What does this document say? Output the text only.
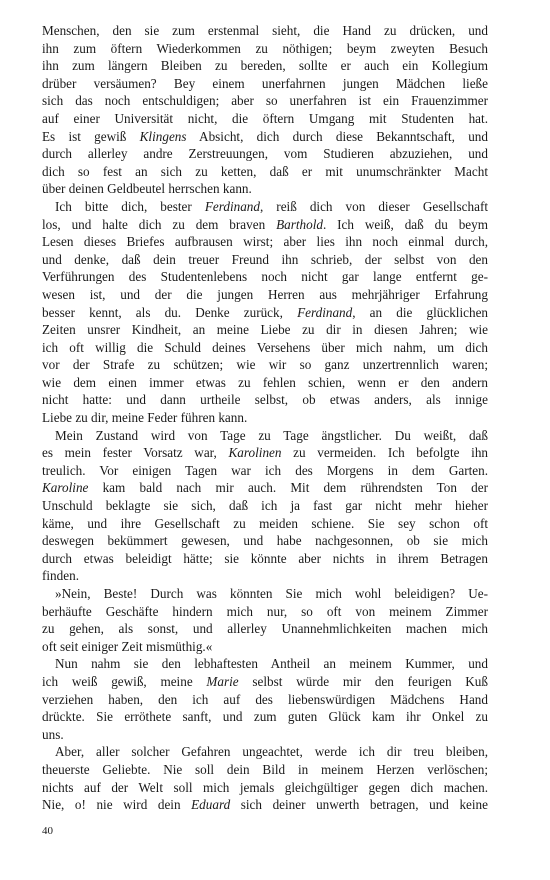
Menschen, den sie zum erstenmal sieht, die Hand zu drücken, und
ihn zum öftern Wiederkommen zu nöthigen; beym zweyten Besuch
ihn zum längern Bleiben zu bereden, sollte er auch ein Kollegium
drüber versäumen? Bey einem unerfahrnen jungen Mädchen ließe
sich das noch entschuldigen; aber so unerfahren ist ein Frauenzimmer
auf einer Universität nicht, die öftern Umgang mit Studenten hat.
Es ist gewiß Klingens Absicht, dich durch diese Bekanntschaft, und
durch allerley andre Zerstreuungen, vom Studieren abzuziehen, und
dich so fest an sich zu ketten, daß er mit unumschränkter Macht
über deinen Geldbeutel herrschen kann.
Ich bitte dich, bester Ferdinand, reiß dich von dieser Gesellschaft
los, und halte dich zu dem braven Barthold. Ich weiß, daß du beym
Lesen dieses Briefes aufbrausen wirst; aber lies ihn noch einmal durch,
und denke, daß dein treuer Freund ihn schrieb, der selbst von den
Verführungen des Studentenlebens noch nicht gar lange entfernt ge-
wesen ist, und der die jungen Herren aus mehrjähriger Erfahrung
besser kennt, als du. Denke zurück, Ferdinand, an die glücklichen
Zeiten unsrer Kindheit, an meine Liebe zu dir in diesen Jahren; wie
ich oft willig die Schuld deines Versehens über mich nahm, um dich
vor der Strafe zu schützen; wie wir so ganz unzertrennlich waren;
wie dem einen immer etwas zu fehlen schien, wenn er den andern
nicht hatte: und dann urtheile selbst, ob etwas anders, als innige
Liebe zu dir, meine Feder führen kann.
Mein Zustand wird von Tage zu Tage ängstlicher. Du weißt, daß
es mein fester Vorsatz war, Karolinen zu vermeiden. Ich befolgte ihn
treulich. Vor einigen Tagen war ich des Morgens in dem Garten.
Karoline kam bald nach mir auch. Mit dem rührendsten Ton der
Unschuld beklagte sie sich, daß ich ja fast gar nicht mehr hieher
käme, und ihre Gesellschaft zu meiden schiene. Sie sey schon oft
deswegen bekümmert gewesen, und habe nachgesonnen, ob sie mich
durch etwas beleidigt hätte; sie könnte aber nichts in ihrem Betragen
finden.
»Nein, Beste! Durch was könnten Sie mich wohl beleidigen? Ue-
berhäufte Geschäfte hindern mich nur, so oft von meinem Zimmer
zu gehen, als sonst, und allerley Unannehmlichkeiten machen mich
oft seit einiger Zeit mismüthig.«
Nun nahm sie den lebhaftesten Antheil an meinem Kummer, und
ich weiß gewiß, meine Marie selbst würde mir den feurigen Kuß
verziehen haben, den ich auf des liebenswürdigen Mädchens Hand
drückte. Sie erröthete sanft, und zum guten Glück kam ihr Onkel zu
uns.
Aber, aller solcher Gefahren ungeachtet, werde ich dir treu bleiben,
theuerste Geliebte. Nie soll dein Bild in meinem Herzen verlöschen;
nichts auf der Welt soll mich jemals gleichgültiger gegen dich machen.
Nie, o! nie wird dein Eduard sich deiner unwerth betragen, und keine
40
